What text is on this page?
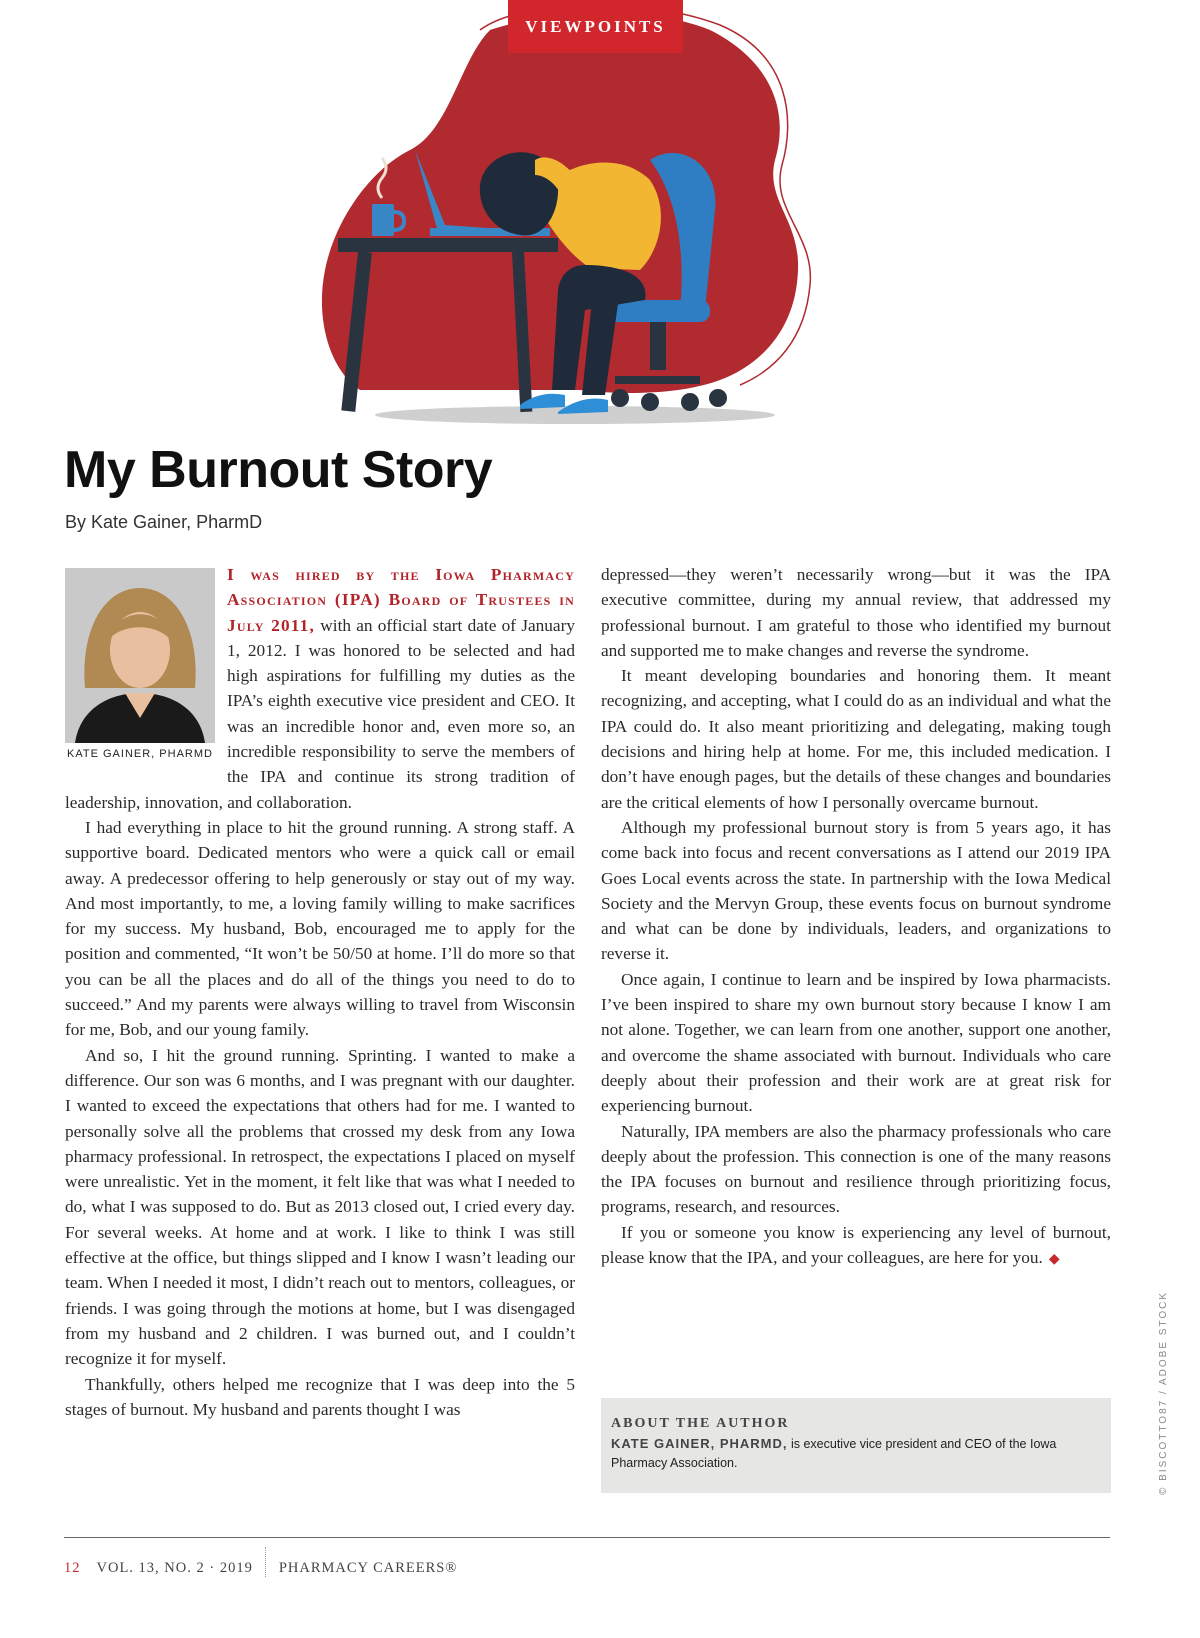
VIEWPOINTS
My Burnout Story
By Kate Gainer, PharmD
KATE GAINER, PHARMD

I was hired by the Iowa Pharmacy Association (IPA) Board of Trustees in July 2011, with an official start date of January 1, 2012. I was honored to be selected and had high aspirations for fulfilling my duties as the IPA’s eighth executive vice president and CEO. It was an incredible honor and, even more so, an incredible responsibility to serve the members of the IPA and continue its strong tradition of leadership, innovation, and collaboration.

I had everything in place to hit the ground running. A strong staff. A supportive board. Dedicated mentors who were a quick call or email away. A predecessor offering to help generously or stay out of my way. And most importantly, to me, a loving family willing to make sacrifices for my success. My husband, Bob, encouraged me to apply for the position and commented, “It won’t be 50/50 at home. I’ll do more so that you can be all the places and do all of the things you need to do to succeed.” And my parents were always willing to travel from Wisconsin for me, Bob, and our young family.

And so, I hit the ground running. Sprinting. I wanted to make a difference. Our son was 6 months, and I was pregnant with our daughter. I wanted to exceed the expectations that others had for me. I wanted to personally solve all the problems that crossed my desk from any Iowa pharmacy professional. In retrospect, the expectations I placed on myself were unrealistic. Yet in the moment, it felt like that was what I needed to do, what I was supposed to do. But as 2013 closed out, I cried every day. For several weeks. At home and at work. I like to think I was still effective at the office, but things slipped and I know I wasn’t leading our team. When I needed it most, I didn’t reach out to mentors, colleagues, or friends. I was going through the motions at home, but I was disengaged from my husband and 2 children. I was burned out, and I couldn’t recognize it for myself.

Thankfully, others helped me recognize that I was deep into the 5 stages of burnout. My husband and parents thought I was

depressed—they weren’t necessarily wrong—but it was the IPA executive committee, during my annual review, that addressed my professional burnout. I am grateful to those who identified my burnout and supported me to make changes and reverse the syndrome.

It meant developing boundaries and honoring them. It meant recognizing, and accepting, what I could do as an individual and what the IPA could do. It also meant prioritizing and delegating, making tough decisions and hiring help at home. For me, this included medication. I don’t have enough pages, but the details of these changes and boundaries are the critical elements of how I personally overcame burnout.

Although my professional burnout story is from 5 years ago, it has come back into focus and recent conversations as I attend our 2019 IPA Goes Local events across the state. In partnership with the Iowa Medical Society and the Mervyn Group, these events focus on burnout syndrome and what can be done by individuals, leaders, and organizations to reverse it.

Once again, I continue to learn and be inspired by Iowa pharmacists. I’ve been inspired to share my own burnout story because I know I am not alone. Together, we can learn from one another, support one another, and overcome the shame associated with burnout. Individuals who care deeply about their profession and their work are at great risk for experiencing burnout.

Naturally, IPA members are also the pharmacy professionals who care deeply about the profession. This connection is one of the many reasons the IPA focuses on burnout and resilience through prioritizing focus, programs, research, and resources.

If you or someone you know is experiencing any level of burnout, please know that the IPA, and your colleagues, are here for you. ◆

ABOUT THE AUTHOR
KATE GAINER, PHARMD, is executive vice president and CEO of the Iowa Pharmacy Association.	© BISCOTTO87 / ADOBE STOCK
12 VOL. 13, NO. 2 · 2019 PHARMACY CAREERS®
